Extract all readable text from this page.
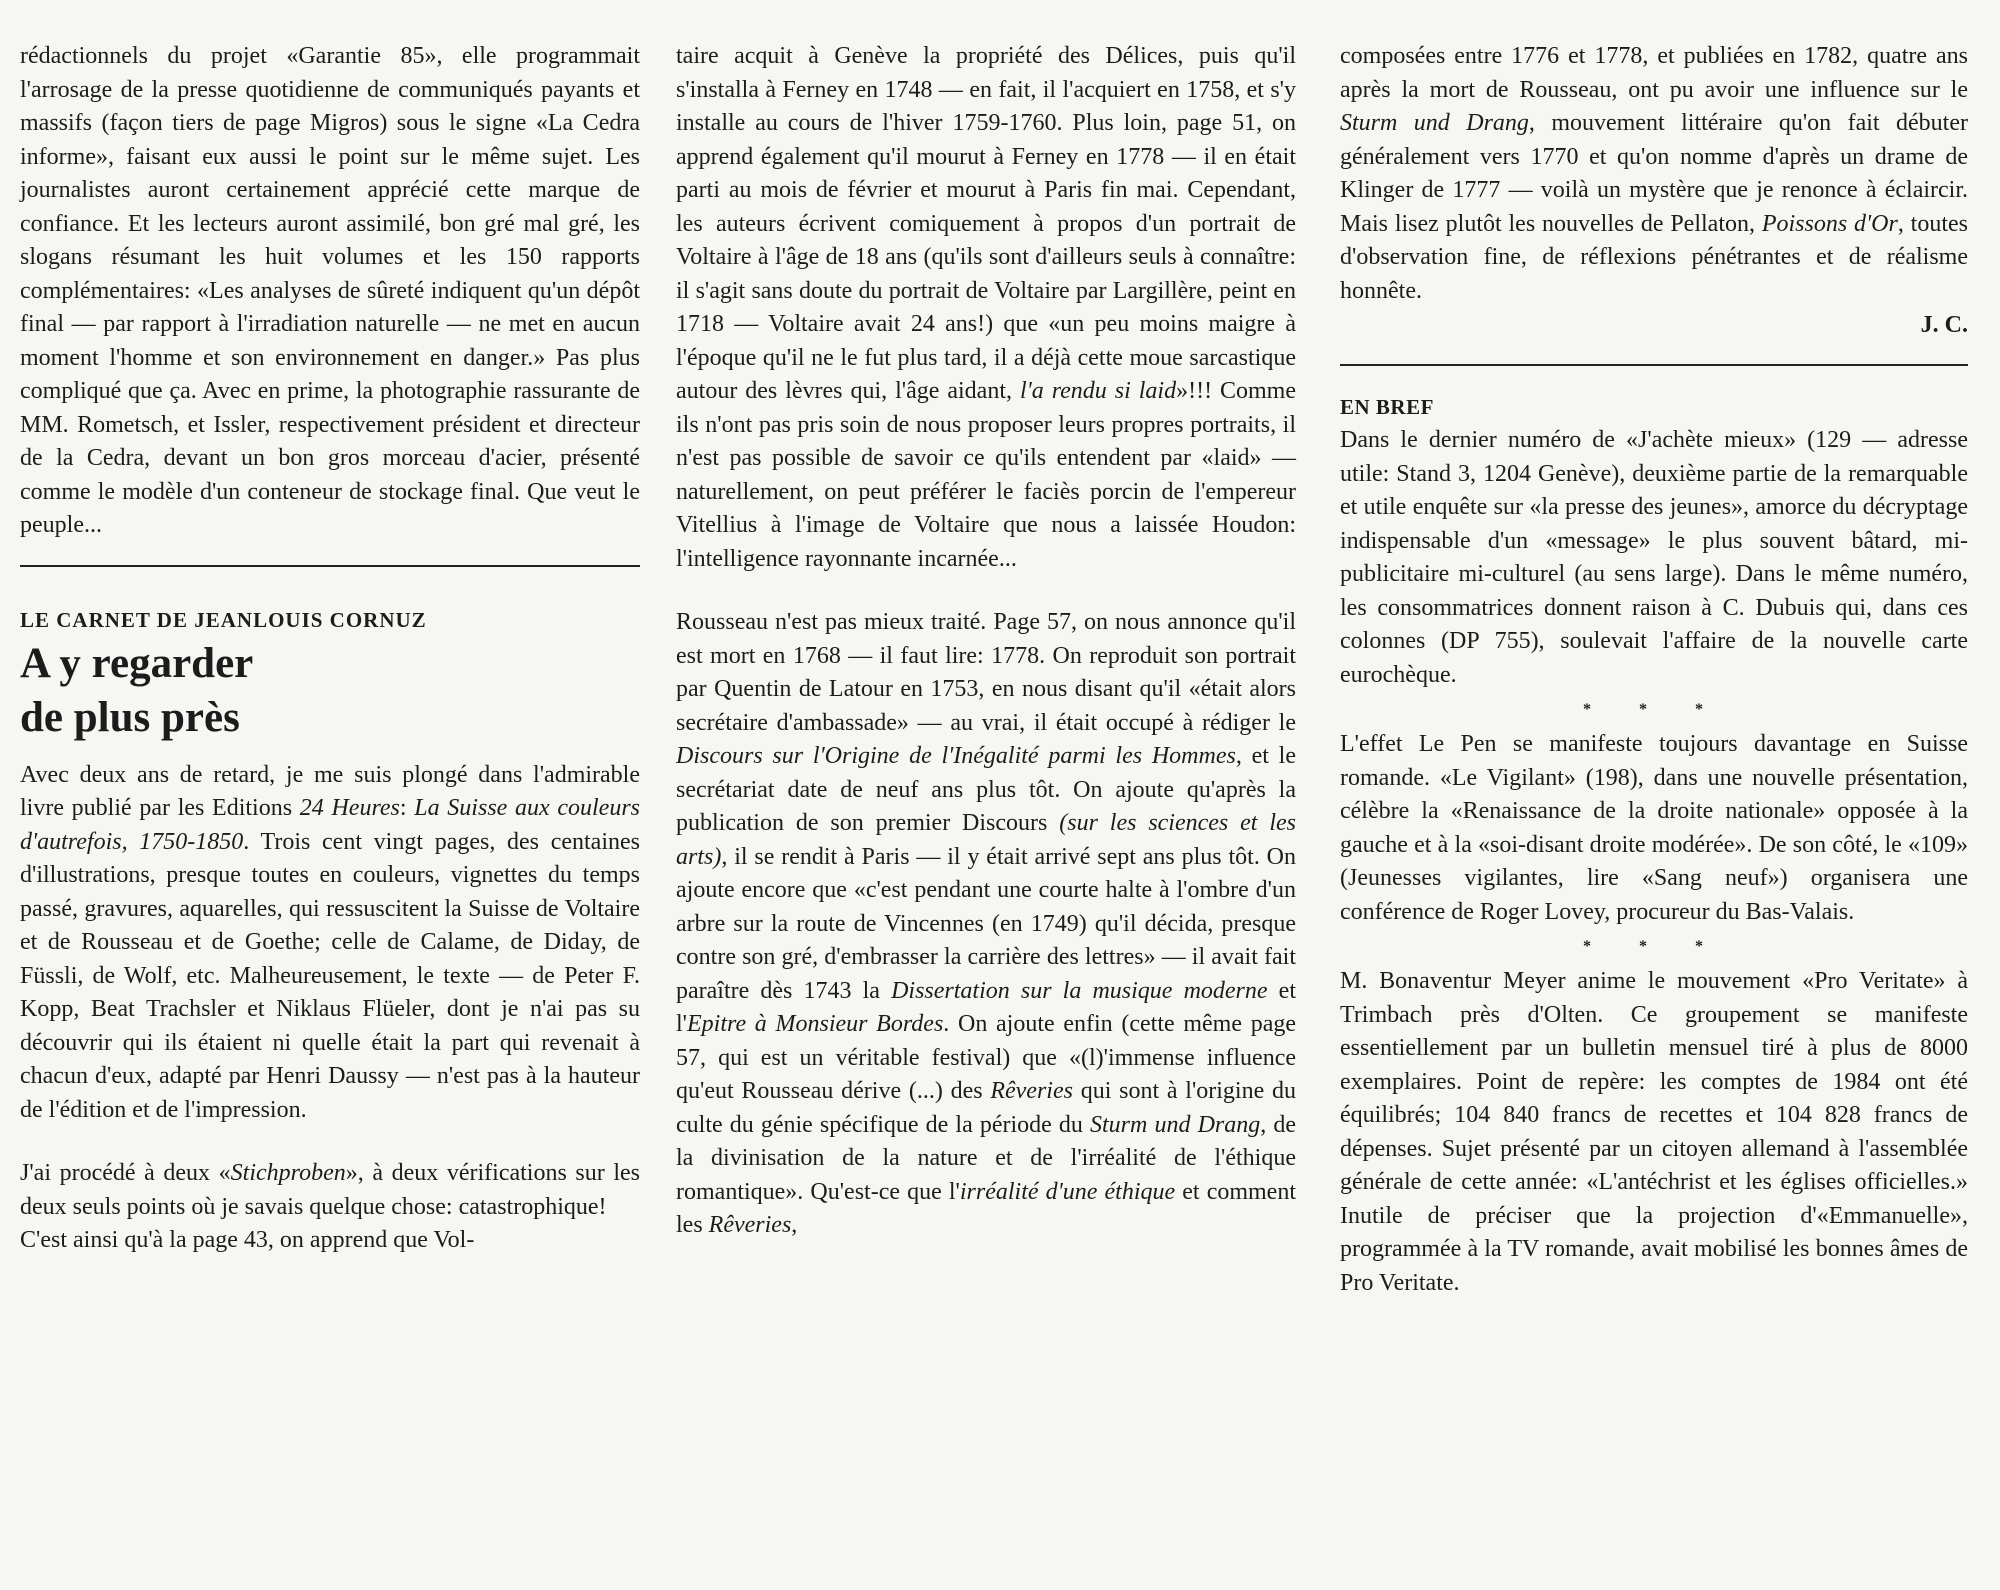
rédactionnels du projet «Garantie 85», elle programmait l'arrosage de la presse quotidienne de communiqués payants et massifs (façon tiers de page Migros) sous le signe «La Cedra informe», faisant eux aussi le point sur le même sujet. Les journalistes auront certainement apprécié cette marque de confiance. Et les lecteurs auront assimilé, bon gré mal gré, les slogans résumant les huit volumes et les 150 rapports complémentaires: «Les analyses de sûreté indiquent qu'un dépôt final — par rapport à l'irradiation naturelle — ne met en aucun moment l'homme et son environnement en danger.» Pas plus compliqué que ça. Avec en prime, la photographie rassurante de MM. Rometsch, et Issler, respectivement président et directeur de la Cedra, devant un bon gros morceau d'acier, présenté comme le modèle d'un conteneur de stockage final. Que veut le peuple...

LE CARNET DE JEANLOUIS CORNUZ

A y regarder
de plus près

Avec deux ans de retard, je me suis plongé dans l'admirable livre publié par les Editions 24 Heures: La Suisse aux couleurs d'autrefois, 1750-1850. Trois cent vingt pages, des centaines d'illustrations, presque toutes en couleurs, vignettes du temps passé, gravures, aquarelles, qui ressuscitent la Suisse de Voltaire et de Rousseau et de Goethe; celle de Calame, de Diday, de Füssli, de Wolf, etc. Malheureusement, le texte — de Peter F. Kopp, Beat Trachsler et Niklaus Flüeler, dont je n'ai pas su découvrir qui ils étaient ni quelle était la part qui revenait à chacun d'eux, adapté par Henri Daussy — n'est pas à la hauteur de l'édition et de l'impression.

J'ai procédé à deux «Stichproben», à deux vérifications sur les deux seuls points où je savais quelque chose: catastrophique!

C'est ainsi qu'à la page 43, on apprend que Vol-

taire acquit à Genève la propriété des Délices, puis qu'il s'installa à Ferney en 1748 — en fait, il l'acquiert en 1758, et s'y installe au cours de l'hiver 1759-1760. Plus loin, page 51, on apprend également qu'il mourut à Ferney en 1778 — il en était parti au mois de février et mourut à Paris fin mai. Cependant, les auteurs écrivent comiquement à propos d'un portrait de Voltaire à l'âge de 18 ans (qu'ils sont d'ailleurs seuls à connaître: il s'agit sans doute du portrait de Voltaire par Largillère, peint en 1718 — Voltaire avait 24 ans!) que «un peu moins maigre à l'époque qu'il ne le fut plus tard, il a déjà cette moue sarcastique autour des lèvres qui, l'âge aidant, l'a rendu si laid»!!! Comme ils n'ont pas pris soin de nous proposer leurs propres portraits, il n'est pas possible de savoir ce qu'ils entendent par «laid» — naturellement, on peut préférer le faciès porcin de l'empereur Vitellius à l'image de Voltaire que nous a laissée Houdon: l'intelligence rayonnante incarnée...

Rousseau n'est pas mieux traité. Page 57, on nous annonce qu'il est mort en 1768 — il faut lire: 1778. On reproduit son portrait par Quentin de Latour en 1753, en nous disant qu'il «était alors secrétaire d'ambassade» — au vrai, il était occupé à rédiger le Discours sur l'Origine de l'Inégalité parmi les Hommes, et le secrétariat date de neuf ans plus tôt. On ajoute qu'après la publication de son premier Discours (sur les sciences et les arts), il se rendit à Paris — il y était arrivé sept ans plus tôt. On ajoute encore que «c'est pendant une courte halte à l'ombre d'un arbre sur la route de Vincennes (en 1749) qu'il décida, presque contre son gré, d'embrasser la carrière des lettres» — il avait fait paraître dès 1743 la Dissertation sur la musique moderne et l'Epitre à Monsieur Bordes. On ajoute enfin (cette même page 57, qui est un véritable festival) que «(l)'immense influence qu'eut Rousseau dérive (...) des Rêveries qui sont à l'origine du culte du génie spécifique de la période du Sturm und Drang, de la divinisation de la nature et de l'irréalité de l'éthique romantique». Qu'est-ce que l'irréalité d'une éthique et comment les Rêveries,

composées entre 1776 et 1778, et publiées en 1782, quatre ans après la mort de Rousseau, ont pu avoir une influence sur le Sturm und Drang, mouvement littéraire qu'on fait débuter généralement vers 1770 et qu'on nomme d'après un drame de Klinger de 1777 — voilà un mystère que je renonce à éclaircir. Mais lisez plutôt les nouvelles de Pellaton, Poissons d'Or, toutes d'observation fine, de réflexions pénétrantes et de réalisme honnête.

J. C.

EN BREF

Dans le dernier numéro de «J'achète mieux» (129 — adresse utile: Stand 3, 1204 Genève), deuxième partie de la remarquable et utile enquête sur «la presse des jeunes», amorce du décryptage indispensable d'un «message» le plus souvent bâtard, mi-publicitaire mi-culturel (au sens large). Dans le même numéro, les consommatrices donnent raison à C. Dubuis qui, dans ces colonnes (DP 755), soulevait l'affaire de la nouvelle carte eurochèque.

* * *

L'effet Le Pen se manifeste toujours davantage en Suisse romande. «Le Vigilant» (198), dans une nouvelle présentation, célèbre la «Renaissance de la droite nationale» opposée à la gauche et à la «soi-disant droite modérée». De son côté, le «109» (Jeunesses vigilantes, lire «Sang neuf») organisera une conférence de Roger Lovey, procureur du Bas-Valais.

* * *

M. Bonaventur Meyer anime le mouvement «Pro Veritate» à Trimbach près d'Olten. Ce groupement se manifeste essentiellement par un bulletin mensuel tiré à plus de 8000 exemplaires. Point de repère: les comptes de 1984 ont été équilibrés; 104 840 francs de recettes et 104 828 francs de dépenses. Sujet présenté par un citoyen allemand à l'assemblée générale de cette année: «L'antéchrist et les églises officielles.» Inutile de préciser que la projection d'«Emmanuelle», programmée à la TV romande, avait mobilisé les bonnes âmes de Pro Veritate.
